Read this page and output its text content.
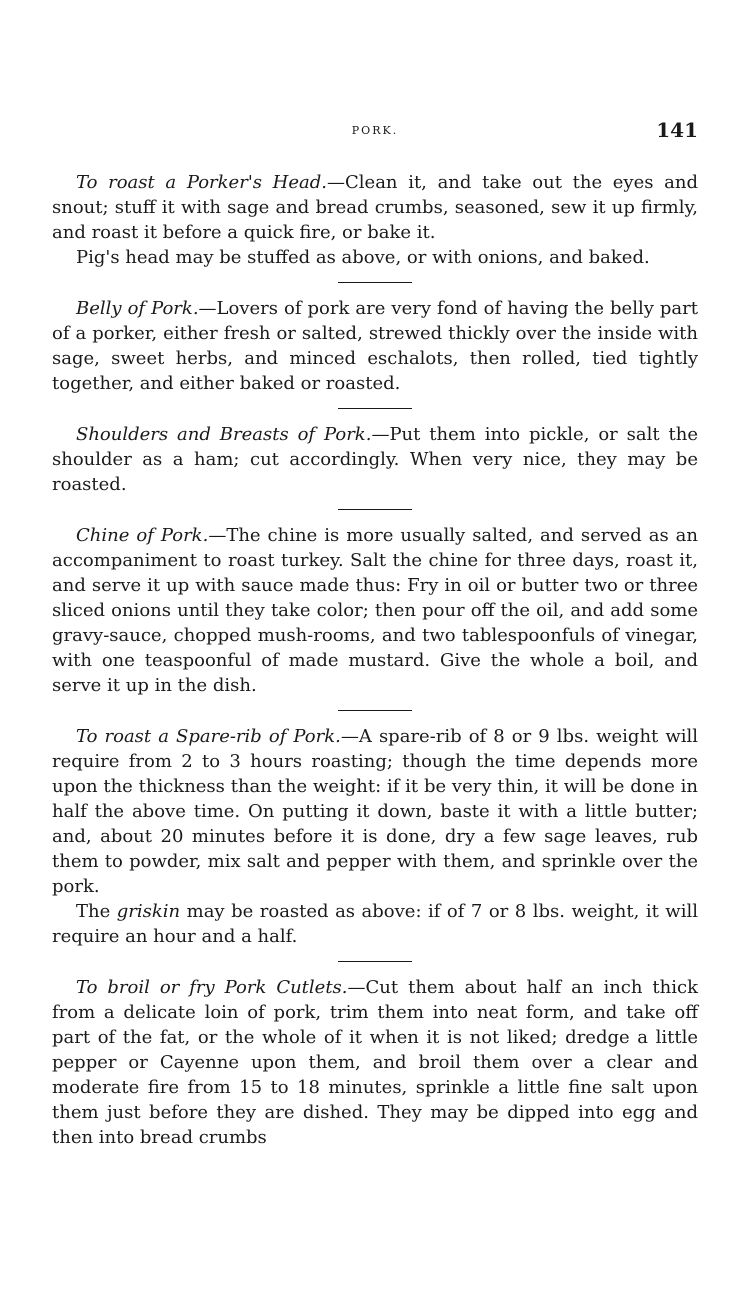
PORK.	141

To roast a Porker's Head.—Clean it, and take out the eyes and snout; stuff it with sage and bread crumbs, seasoned, sew it up firmly, and roast it before a quick fire, or bake it.

Pig's head may be stuffed as above, or with onions, and baked.

Belly of Pork.—Lovers of pork are very fond of having the belly part of a porker, either fresh or salted, strewed thickly over the inside with sage, sweet herbs, and minced eschalots, then rolled, tied tightly together, and either baked or roasted.

Shoulders and Breasts of Pork.—Put them into pickle, or salt the shoulder as a ham; cut accordingly. When very nice, they may be roasted.

Chine of Pork.—The chine is more usually salted, and served as an accompaniment to roast turkey. Salt the chine for three days, roast it, and serve it up with sauce made thus: Fry in oil or butter two or three sliced onions until they take color; then pour off the oil, and add some gravy-sauce, chopped mush-rooms, and two tablespoonfuls of vinegar, with one teaspoonful of made mustard. Give the whole a boil, and serve it up in the dish.

To roast a Spare-rib of Pork.—A spare-rib of 8 or 9 lbs. weight will require from 2 to 3 hours roasting; though the time depends more upon the thickness than the weight: if it be very thin, it will be done in half the above time. On putting it down, baste it with a little butter; and, about 20 minutes before it is done, dry a few sage leaves, rub them to powder, mix salt and pepper with them, and sprinkle over the pork.

The griskin may be roasted as above: if of 7 or 8 lbs. weight, it will require an hour and a half.

To broil or fry Pork Cutlets.—Cut them about half an inch thick from a delicate loin of pork, trim them into neat form, and take off part of the fat, or the whole of it when it is not liked; dredge a little pepper or Cayenne upon them, and broil them over a clear and moderate fire from 15 to 18 minutes, sprinkle a little fine salt upon them just before they are dished. They may be dipped into egg and then into bread crumbs
